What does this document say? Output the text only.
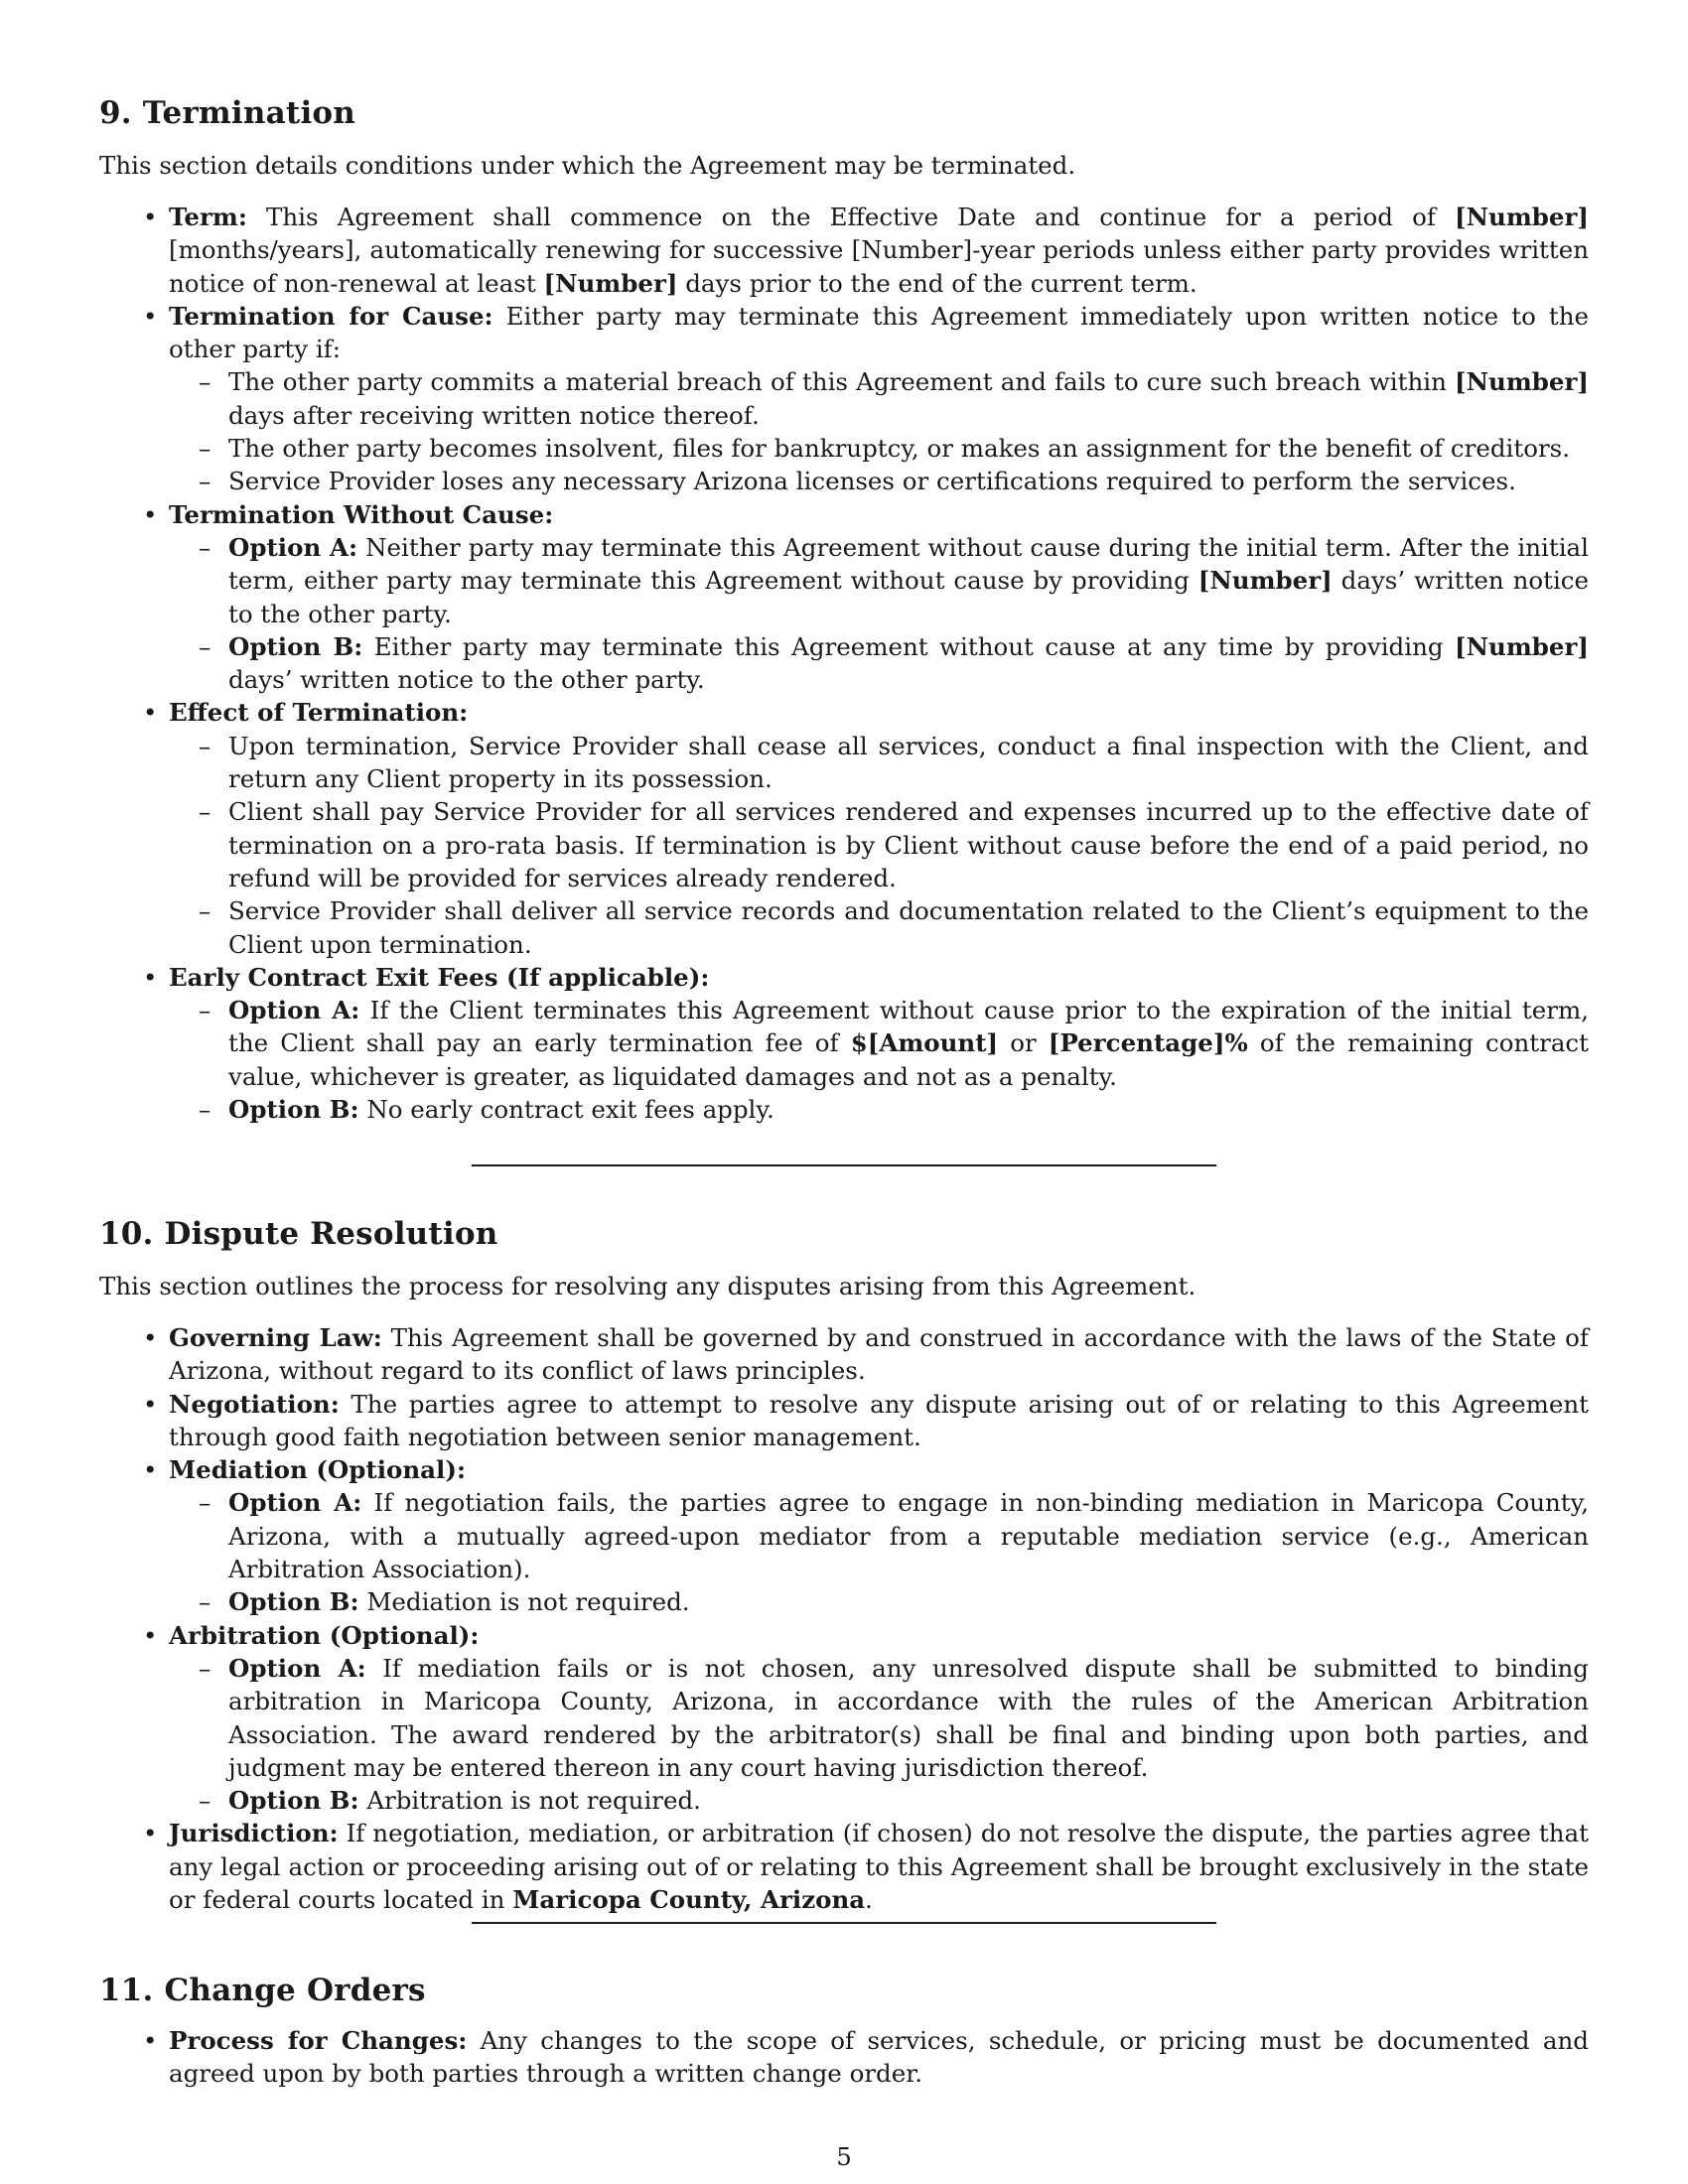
9. Termination

This section details conditions under which the Agreement may be terminated.

• Term: This Agreement shall commence on the Effective Date and continue for a period of [Number] [months/years], automatically renewing for successive [Number]-year periods unless either party provides written notice of non-renewal at least [Number] days prior to the end of the current term.
• Termination for Cause: Either party may terminate this Agreement immediately upon written notice to the other party if:
– The other party commits a material breach of this Agreement and fails to cure such breach within [Number] days after receiving written notice thereof.
– The other party becomes insolvent, files for bankruptcy, or makes an assignment for the benefit of creditors.
– Service Provider loses any necessary Arizona licenses or certifications required to perform the services.
• Termination Without Cause:
– Option A: Neither party may terminate this Agreement without cause during the initial term. After the initial term, either party may terminate this Agreement without cause by providing [Number] days’ written notice to the other party.
– Option B: Either party may terminate this Agreement without cause at any time by providing [Number] days’ written notice to the other party.
• Effect of Termination:
– Upon termination, Service Provider shall cease all services, conduct a final inspection with the Client, and return any Client property in its possession.
– Client shall pay Service Provider for all services rendered and expenses incurred up to the effective date of termination on a pro-rata basis. If termination is by Client without cause before the end of a paid period, no refund will be provided for services already rendered.
– Service Provider shall deliver all service records and documentation related to the Client’s equipment to the Client upon termination.
• Early Contract Exit Fees (If applicable):
– Option A: If the Client terminates this Agreement without cause prior to the expiration of the initial term, the Client shall pay an early termination fee of $[Amount] or [Percentage]% of the remaining contract value, whichever is greater, as liquidated damages and not as a penalty.
– Option B: No early contract exit fees apply.
10. Dispute Resolution

This section outlines the process for resolving any disputes arising from this Agreement.

• Governing Law: This Agreement shall be governed by and construed in accordance with the laws of the State of Arizona, without regard to its conflict of laws principles.
• Negotiation: The parties agree to attempt to resolve any dispute arising out of or relating to this Agreement through good faith negotiation between senior management.
• Mediation (Optional):
– Option A: If negotiation fails, the parties agree to engage in non-binding mediation in Maricopa County, Arizona, with a mutually agreed-upon mediator from a reputable mediation service (e.g., American Arbitration Association).
– Option B: Mediation is not required.
• Arbitration (Optional):
– Option A: If mediation fails or is not chosen, any unresolved dispute shall be submitted to binding arbitration in Maricopa County, Arizona, in accordance with the rules of the American Arbitration Association. The award rendered by the arbitrator(s) shall be final and binding upon both parties, and judgment may be entered thereon in any court having jurisdiction thereof.
– Option B: Arbitration is not required.
• Jurisdiction: If negotiation, mediation, or arbitration (if chosen) do not resolve the dispute, the parties agree that any legal action or proceeding arising out of or relating to this Agreement shall be brought exclusively in the state or federal courts located in Maricopa County, Arizona.
11. Change Orders
• Process for Changes: Any changes to the scope of services, schedule, or pricing must be documented and agreed upon by both parties through a written change order.
5
